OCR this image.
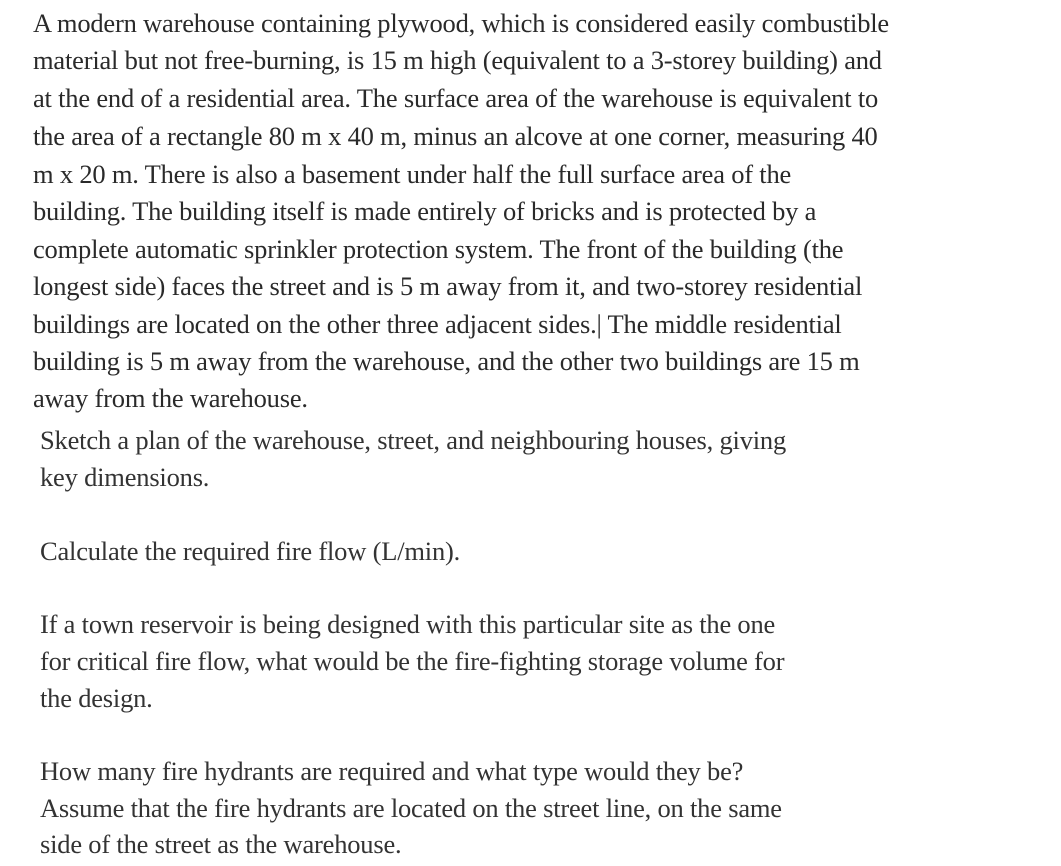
A modern warehouse containing plywood, which is considered easily combustible
material but not free-burning, is 15 m high (equivalent to a 3-storey building) and
at the end of a residential area. The surface area of the warehouse is equivalent to
the area of a rectangle 80 m x 40 m, minus an alcove at one corner, measuring 40
m x 20 m. There is also a basement under half the full surface area of the
building. The building itself is made entirely of bricks and is protected by a
complete automatic sprinkler protection system. The front of the building (the
longest side) faces the street and is 5 m away from it, and two-storey residential
buildings are located on the other three adjacent sides.| The middle residential
building is 5 m away from the warehouse, and the other two buildings are 15 m
away from the warehouse.
Sketch a plan of the warehouse, street, and neighbouring houses, giving
key dimensions.
Calculate the required fire flow (L/min).
If a town reservoir is being designed with this particular site as the one
for critical fire flow, what would be the fire-fighting storage volume for
the design.
How many fire hydrants are required and what type would they be?
Assume that the fire hydrants are located on the street line, on the same
side of the street as the warehouse.
